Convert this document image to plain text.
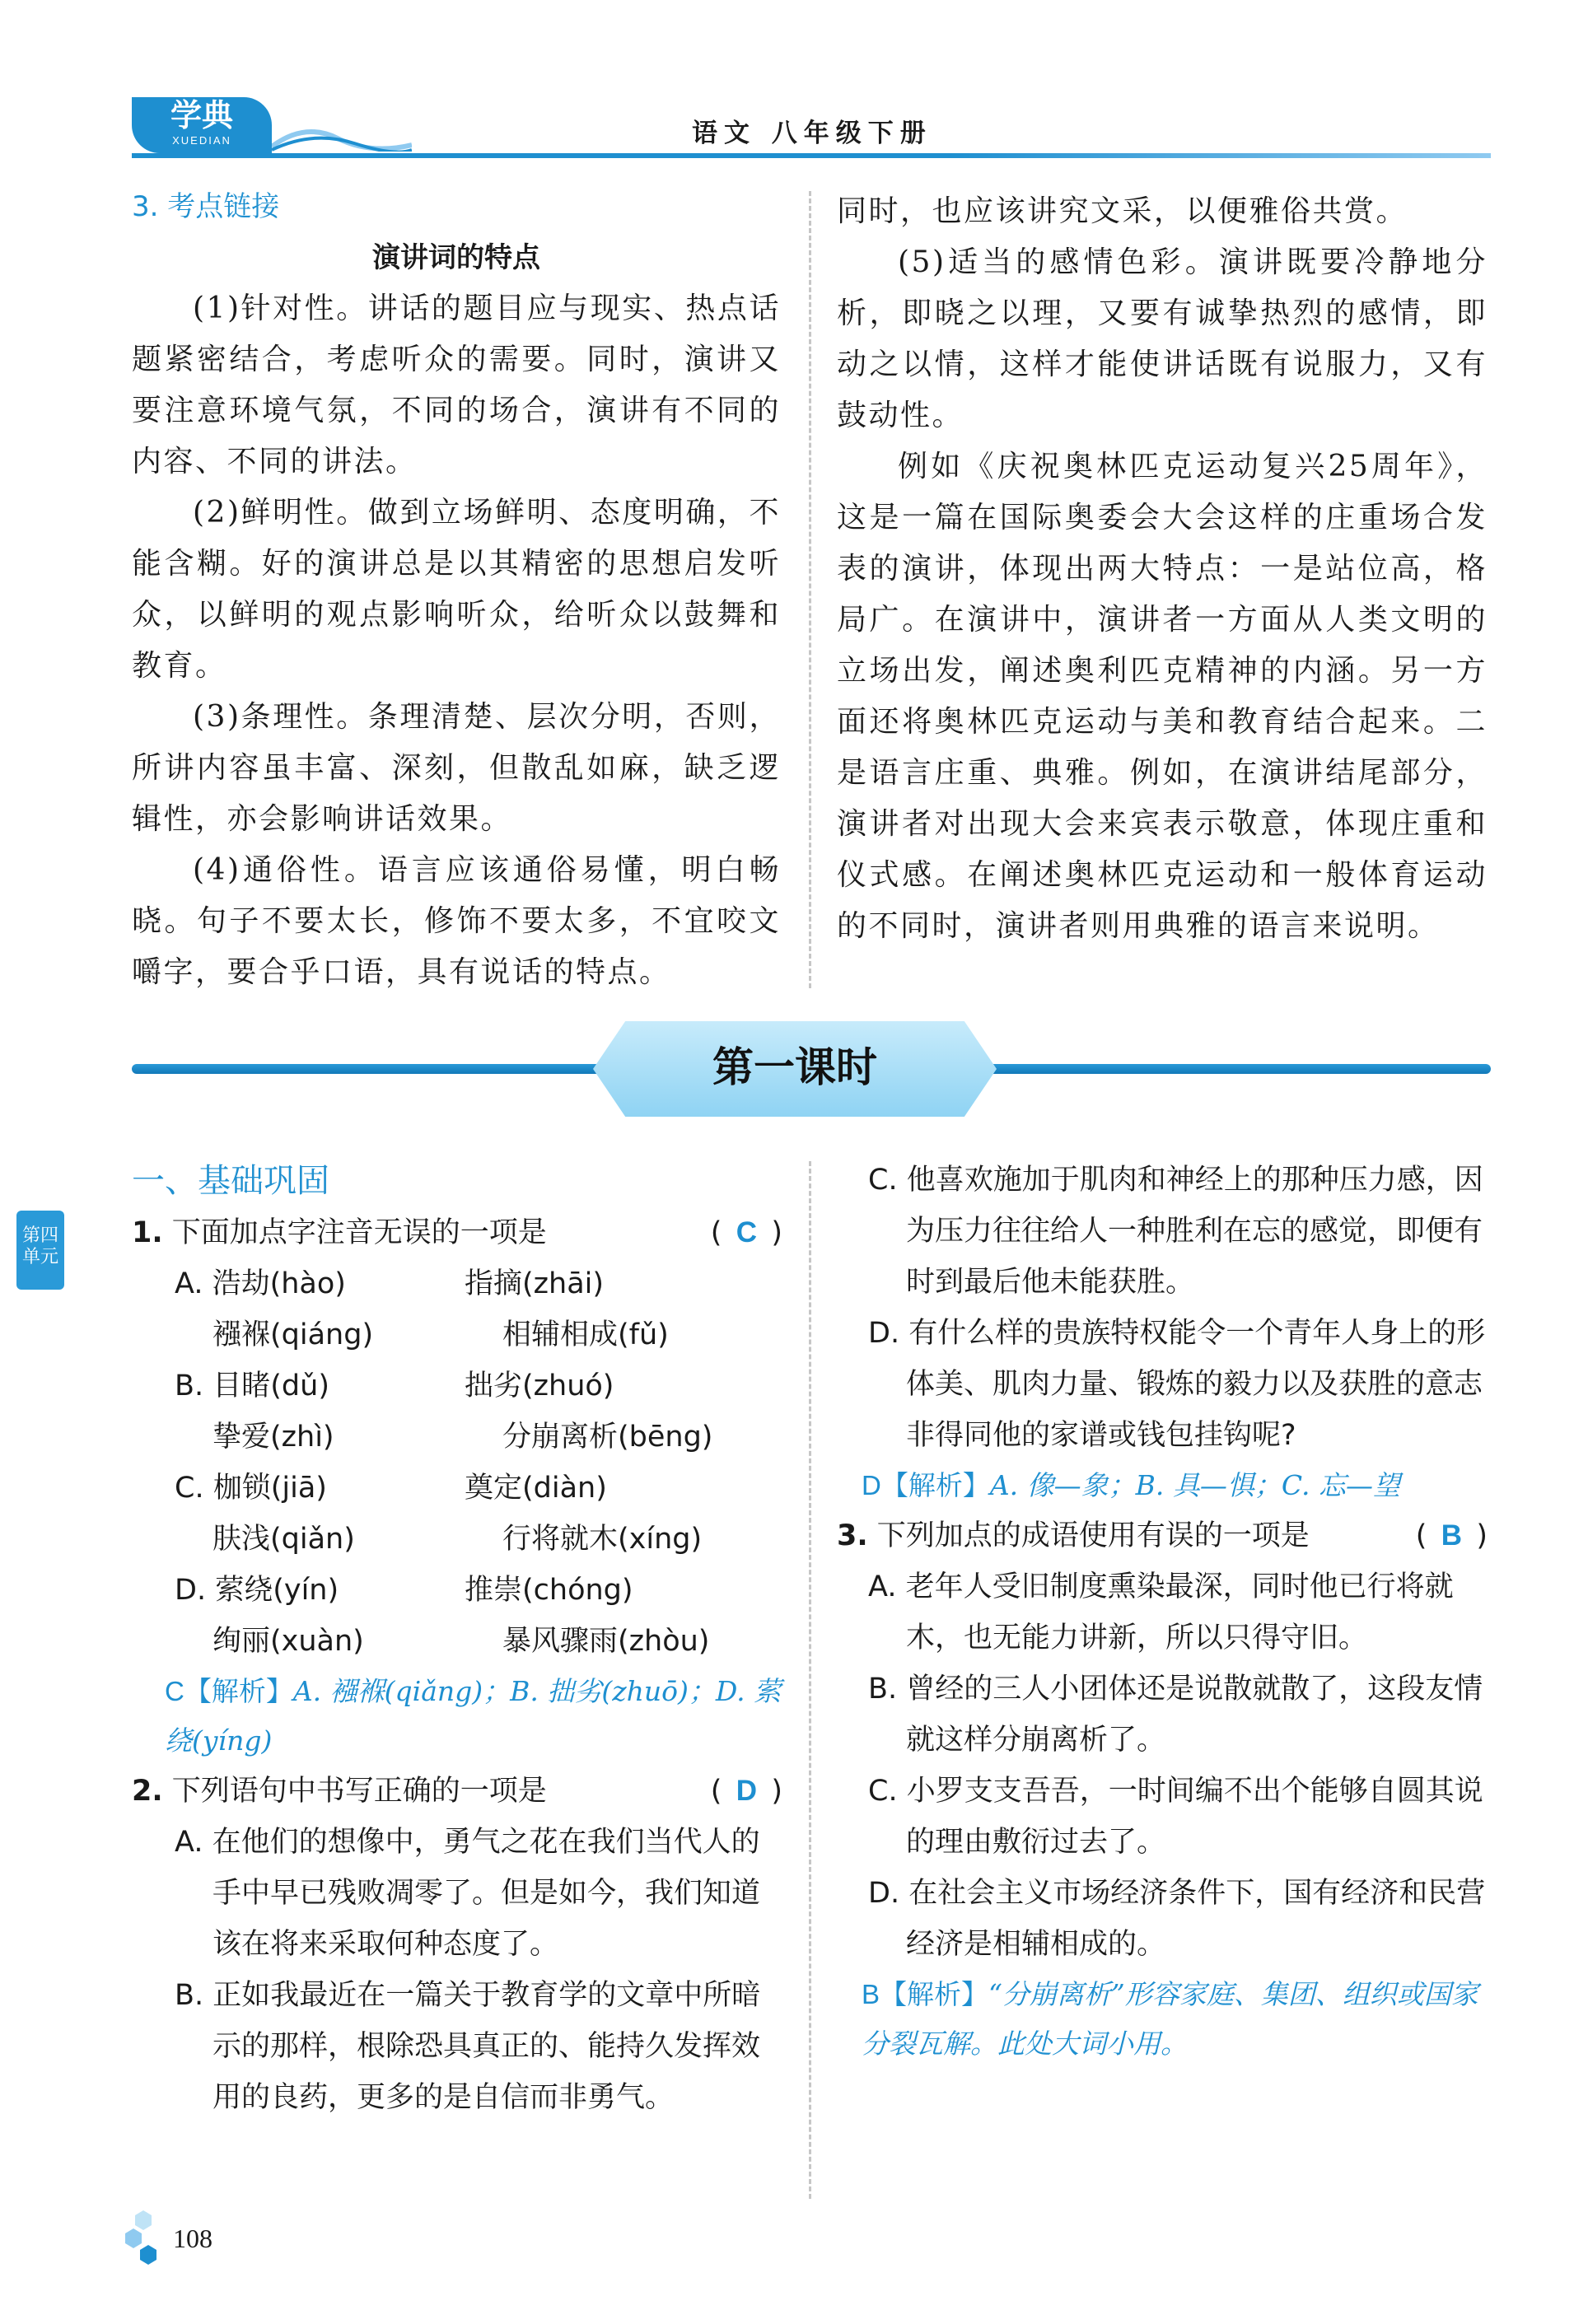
学典
XUEDIAN	语文 八年级下册
第四
单元

3. 考点链接

演讲词的特点

(1)针对性。讲话的题目应与现实、热点话题紧密结合，考虑听众的需要。同时，演讲又要注意环境气氛，不同的场合，演讲有不同的内容、不同的讲法。

(2)鲜明性。做到立场鲜明、态度明确，不能含糊。好的演讲总是以其精密的思想启发听众，以鲜明的观点影响听众，给听众以鼓舞和教育。

(3)条理性。条理清楚、层次分明，否则，所讲内容虽丰富、深刻，但散乱如麻，缺乏逻辑性，亦会影响讲话效果。

(4)通俗性。语言应该通俗易懂，明白畅晓。句子不要太长，修饰不要太多，不宜咬文嚼字，要合乎口语，具有说话的特点。

同时，也应该讲究文采，以便雅俗共赏。

(5)适当的感情色彩。演讲既要冷静地分析，即晓之以理，又要有诚挚热烈的感情，即动之以情，这样才能使讲话既有说服力，又有鼓动性。

例如《庆祝奥林匹克运动复兴25周年》，这是一篇在国际奥委会大会这样的庄重场合发表的演讲，体现出两大特点：一是站位高，格局广。在演讲中，演讲者一方面从人类文明的立场出发，阐述奥利匹克精神的内涵。另一方面还将奥林匹克运动与美和教育结合起来。二是语言庄重、典雅。例如，在演讲结尾部分，演讲者对出现大会来宾表示敬意，体现庄重和仪式感。在阐述奥林匹克运动和一般体育运动的不同时，演讲者则用典雅的语言来说明。

第一课时

一、基础巩固

1. 下面加点字注音无误的一项是	( C )

A. 浩劫(hào)	指摘(zhāi)
襁褓(qiáng)	相辅相成(fǔ)
B. 目睹(dǔ)	拙劣(zhuó)
挚爱(zhì)	分崩离析(bēng)
C. 枷锁(jiā)	奠定(diàn)
肤浅(qiǎn)	行将就木(xíng)
D. 萦绕(yín)	推崇(chóng)
绚丽(xuàn)	暴风骤雨(zhòu)

C【解析】A. 襁褓(qiǎng)；B. 拙劣(zhuō)；D. 萦绕(yíng)

2. 下列语句中书写正确的一项是	( D )

A. 在他们的想像中，勇气之花在我们当代人的手中早已残败凋零了。但是如今，我们知道该在将来采取何种态度了。

B. 正如我最近在一篇关于教育学的文章中所暗示的那样，根除恐具真正的、能持久发挥效用的良药，更多的是自信而非勇气。

C. 他喜欢施加于肌肉和神经上的那种压力感，因为压力往往给人一种胜利在忘的感觉，即便有时到最后他未能获胜。

D. 有什么样的贵族特权能令一个青年人身上的形体美、肌肉力量、锻炼的毅力以及获胜的意志非得同他的家谱或钱包挂钩呢?

D【解析】A. 像—象；B. 具—惧；C. 忘—望

3. 下列加点的成语使用有误的一项是	( B )

A. 老年人受旧制度熏染最深，同时他已行将就木，也无能力讲新，所以只得守旧。

B. 曾经的三人小团体还是说散就散了，这段友情就这样分崩离析了。

C. 小罗支支吾吾，一时间编不出个能够自圆其说的理由敷衍过去了。

D. 在社会主义市场经济条件下，国有经济和民营经济是相辅相成的。

B【解析】“分崩离析”形容家庭、集团、组织或国家分裂瓦解。此处大词小用。

108
